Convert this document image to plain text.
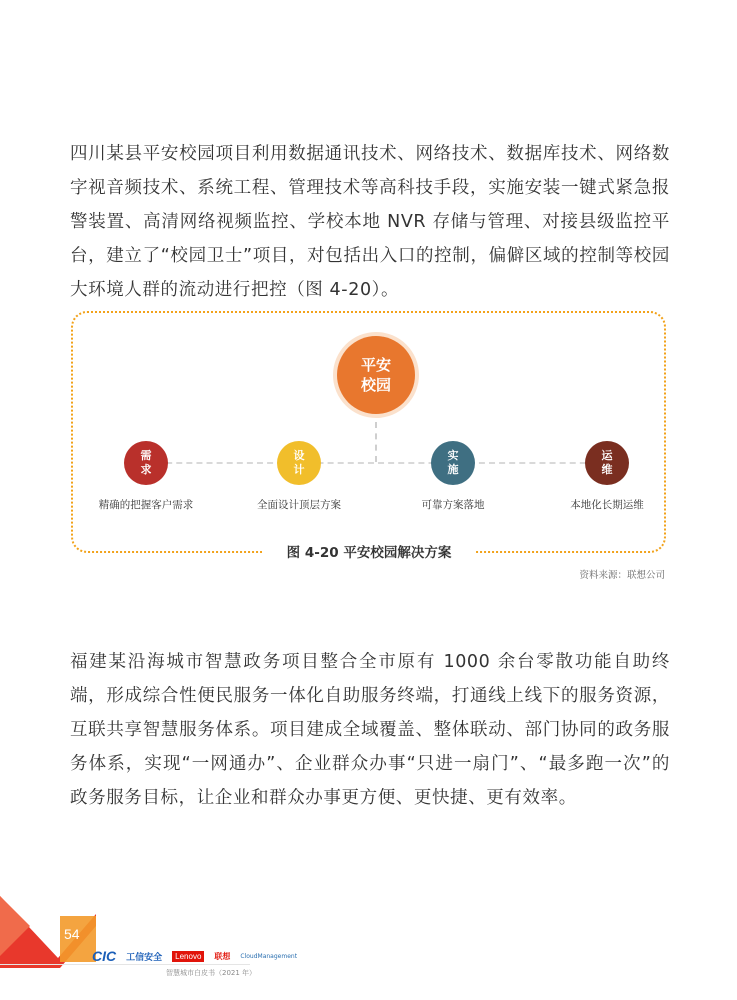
四川某县平安校园项目利用数据通讯技术、网络技术、数据库技术、网络数字视音频技术、系统工程、管理技术等高科技手段，实施安装一键式紧急报警装置、高清网络视频监控、学校本地 NVR 存储与管理、对接县级监控平台，建立了“校园卫士”项目，对包括出入口的控制，偏僻区域的控制等校园大环境人群的流动进行把控（图 4-20）。

平安
校园
需
求
精确的把握客户需求
设
计
全面设计顶层方案
实
施
可靠方案落地
运
维
本地化长期运维
图 4-20 平安校园解决方案
资料来源：联想公司

福建某沿海城市智慧政务项目整合全市原有 1000 余台零散功能自助终端，形成综合性便民服务一体化自助服务终端，打通线上线下的服务资源，互联共享智慧服务体系。项目建成全域覆盖、整体联动、部门协同的政务服务体系，实现“一网通办”、企业群众办事“只进一扇门”、“最多跑一次”的政务服务目标，让企业和群众办事更方便、更快捷、更有效率。

54
CIC 工信安全	Lenovo	联想 CloudManagement
智慧城市白皮书（2021 年）
